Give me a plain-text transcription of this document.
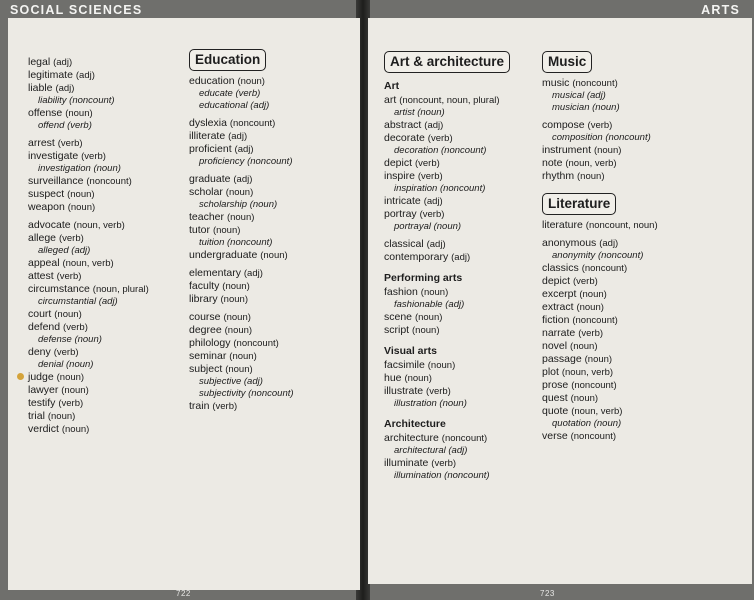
SOCIAL SCIENCES	ARTS
legal (adj)
legitimate (adj)
liable (adj)
liability (noncount)
offense (noun)
offend (verb)
arrest (verb)
investigate (verb)
investigation (noun)
surveillance (noncount)
suspect (noun)
weapon (noun)
advocate (noun, verb)
allege (verb)
alleged (adj)
appeal (noun, verb)
attest (verb)
circumstance (noun, plural)
circumstantial (adj)
court (noun)
defend (verb)
defense (noun)
deny (verb)
denial (noun)
judge (noun)
lawyer (noun)
testify (verb)
trial (noun)
verdict (noun)
Education
education (noun)
educate (verb)
educational (adj)
dyslexia (noncount)
illiterate (adj)
proficient (adj)
proficiency (noncount)
graduate (adj)
scholar (noun)
scholarship (noun)
teacher (noun)
tutor (noun)
tuition (noncount)
undergraduate (noun)
elementary (adj)
faculty (noun)
library (noun)
course (noun)
degree (noun)
philology (noncount)
seminar (noun)
subject (noun)
subjective (adj)
subjectivity (noncount)
train (verb)
Art & architecture
Art
art (noncount, noun, plural)
artist (noun)
abstract (adj)
decorate (verb)
decoration (noncount)
depict (verb)
inspire (verb)
inspiration (noncount)
intricate (adj)
portray (verb)
portrayal (noun)
classical (adj)
contemporary (adj)
Performing arts
fashion (noun)
fashionable (adj)
scene (noun)
script (noun)
Visual arts
facsimile (noun)
hue (noun)
illustrate (verb)
illustration (noun)
Architecture
architecture (noncount)
architectural (adj)
illuminate (verb)
illumination (noncount)
Music
music (noncount)
musical (adj)
musician (noun)
compose (verb)
composition (noncount)
instrument (noun)
note (noun, verb)
rhythm (noun)
Literature
literature (noncount, noun)
anonymous (adj)
anonymity (noncount)
classics (noncount)
depict (verb)
excerpt (noun)
extract (noun)
fiction (noncount)
narrate (verb)
novel (noun)
passage (noun)
plot (noun, verb)
prose (noncount)
quest (noun)
quote (noun, verb)
quotation (noun)
verse (noncount)
722	723
